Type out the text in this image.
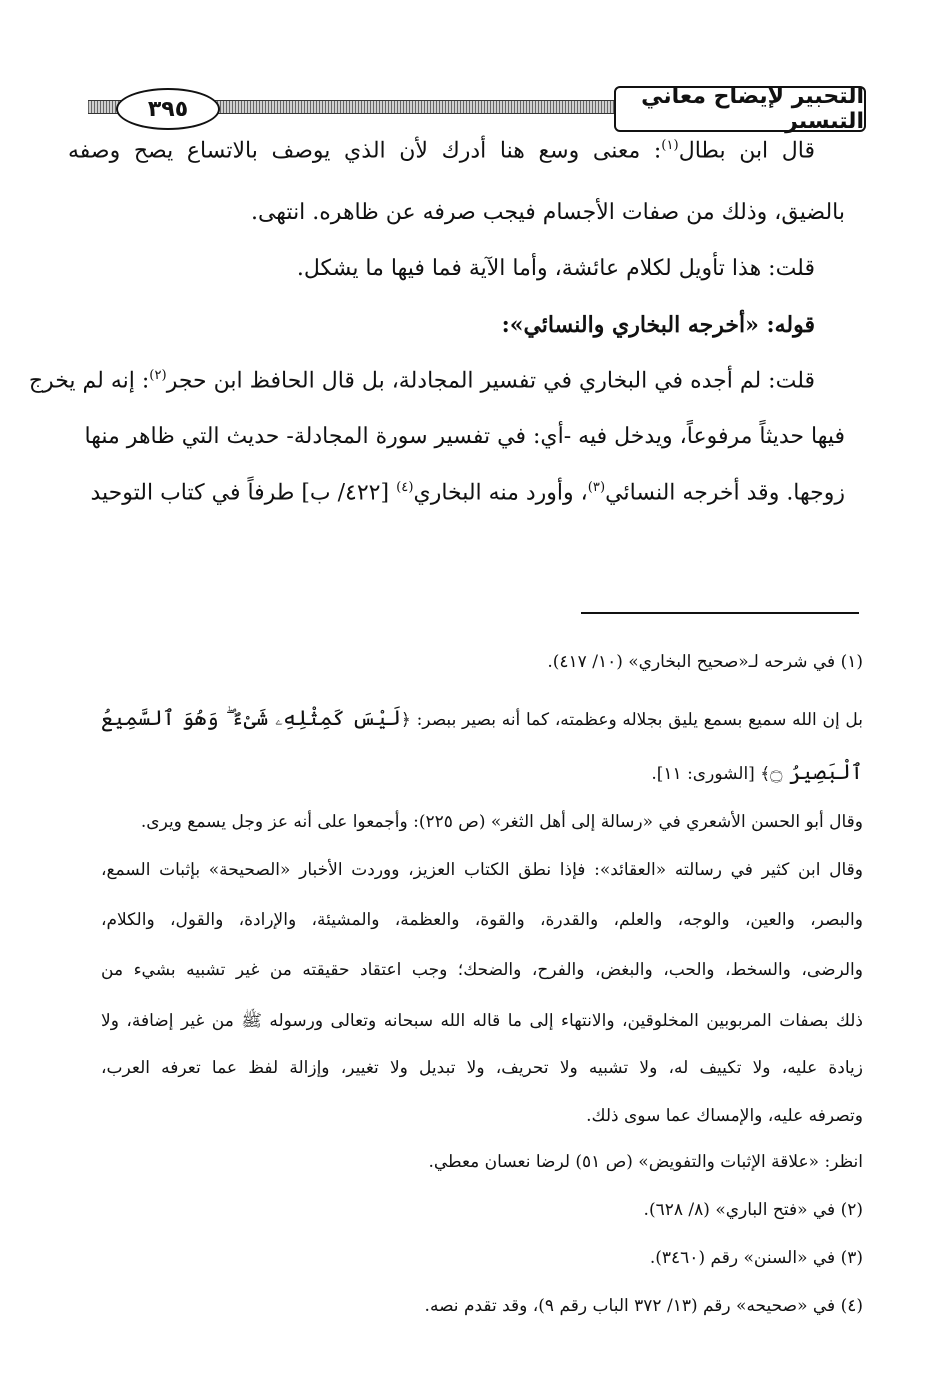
٣٩٥	التحبير لإيضاح معاني التيسير
قال ابن بطال$^{(١)}$: معنى وسع هنا أدرك لأن الذي يوصف بالاتساع يصح وصفه
بالضيق، وذلك من صفات الأجسام فيجب صرفه عن ظاهره. انتهى.
قلت: هذا تأويل لكلام عائشة، وأما الآية فما فيها ما يشكل.
قوله: «أخرجه البخاري والنسائي»:
قلت: لم أجده في البخاري في تفسير المجادلة، بل قال الحافظ ابن حجر$^{(٢)}$: إنه لم يخرج
فيها حديثاً مرفوعاً، ويدخل فيه -أي: في تفسير سورة المجادلة- حديث التي ظاهر منها
زوجها. وقد أخرجه النسائي$^{(٣)}$، وأورد منه البخاري$^{(٤)}$ [٤٢٢/ ب] طرفاً في كتاب التوحيد
(١) في شرحه لـ«صحيح البخاري» (١٠/ ٤١٧).
بل إن الله سميع بسمع يليق بجلاله وعظمته، كما أنه بصير ببصر: ﴿لَيْسَ كَمِثْلِهِۦ شَىْءٌ ۖ وَهُوَ ٱلسَّمِيعُ
ٱلْبَصِيرُ ۝﴾ [الشورى: ١١].
وقال أبو الحسن الأشعري في «رسالة إلى أهل الثغر» (ص ٢٢٥): وأجمعوا على أنه عز وجل يسمع ويرى.
وقال ابن كثير في رسالته «العقائد»: فإذا نطق الكتاب العزيز، ووردت الأخبار «الصحيحة» بإثبات السمع،
والبصر، والعين، والوجه، والعلم، والقدرة، والقوة، والعظمة، والمشيئة، والإرادة، والقول، والكلام،
والرضى، والسخط، والحب، والبغض، والفرح، والضحك؛ وجب اعتقاد حقيقته من غير تشبيه بشيء من
ذلك بصفات المربوبين المخلوقين، والانتهاء إلى ما قاله الله سبحانه وتعالى ورسوله ﷺ من غير إضافة، ولا
زيادة عليه، ولا تكييف له، ولا تشبيه ولا تحريف، ولا تبديل ولا تغيير، وإزالة لفظ عما تعرفه العرب،
وتصرفه عليه، والإمساك عما سوى ذلك.
انظر: «علاقة الإثبات والتفويض» (ص ٥١) لرضا نعسان معطي.
(٢) في «فتح الباري» (٨/ ٦٢٨).
(٣) في «السنن» رقم (٣٤٦٠).
(٤) في «صحيحه» رقم (١٣/ ٣٧٢ الباب رقم ٩)، وقد تقدم نصه.
